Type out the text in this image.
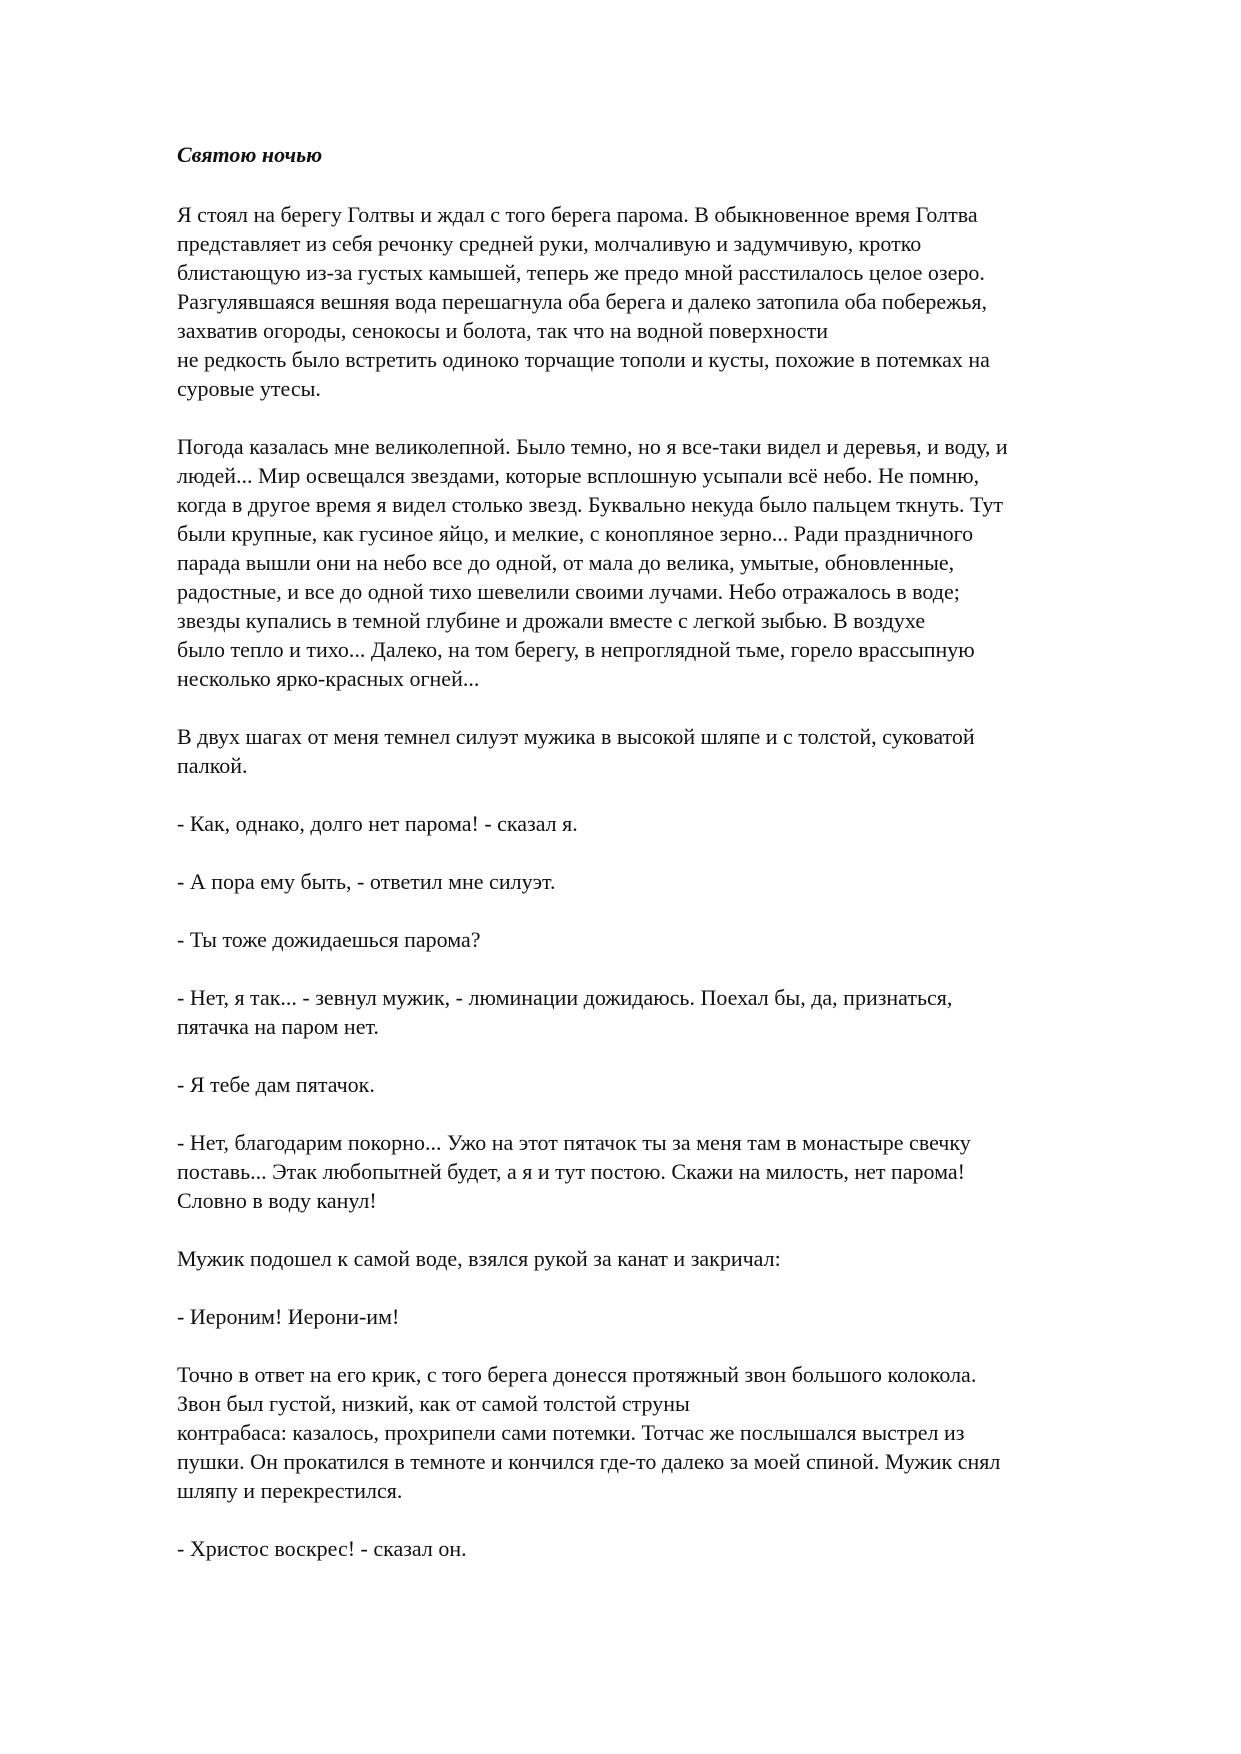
Святою ночью

Я стоял на берегу Голтвы и ждал с того берега парома. В обыкновенное время Голтва
представляет из себя речонку средней руки, молчаливую и задумчивую, кротко
блистающую из-за густых камышей, теперь же предо мной расстилалось целое озеро.
Разгулявшаяся вешняя вода перешагнула оба берега и далеко затопила оба побережья,
захватив огороды, сенокосы и болота, так что на водной поверхности
не редкость было встретить одиноко торчащие тополи и кусты, похожие в потемках на
суровые утесы.

Погода казалась мне великолепной. Было темно, но я все-таки видел и деревья, и воду, и
людей... Мир освещался звездами, которые всплошную усыпали всё небо. Не помню,
когда в другое время я видел столько звезд. Буквально некуда было пальцем ткнуть. Тут
были крупные, как гусиное яйцо, и мелкие, с конопляное зерно... Ради праздничного
парада вышли они на небо все до одной, от мала до велика, умытые, обновленные,
радостные, и все до одной тихо шевелили своими лучами. Небо отражалось в воде;
звезды купались в темной глубине и дрожали вместе с легкой зыбью. В воздухе
было тепло и тихо... Далеко, на том берегу, в непроглядной тьме, горело врассыпную
несколько ярко-красных огней...

В двух шагах от меня темнел силуэт мужика в высокой шляпе и с толстой, суковатой
палкой.

- Как, однако, долго нет парома! - сказал я.

- А пора ему быть, - ответил мне силуэт.

- Ты тоже дожидаешься парома?

- Нет, я так... - зевнул мужик, - люминации дожидаюсь. Поехал бы, да, признаться,
пятачка на паром нет.

- Я тебе дам пятачок.

- Нет, благодарим покорно... Ужо на этот пятачок ты за меня там в монастыре свечку
поставь... Этак любопытней будет, а я и тут постою. Скажи на милость, нет парома!
Словно в воду канул!

Мужик подошел к самой воде, взялся рукой за канат и закричал:

- Иероним! Иерони-им!

Точно в ответ на его крик, с того берега донесся протяжный звон большого колокола.
Звон был густой, низкий, как от самой толстой струны
контрабаса: казалось, прохрипели сами потемки. Тотчас же послышался выстрел из
пушки. Он прокатился в темноте и кончился где-то далеко за моей спиной. Мужик снял
шляпу и перекрестился.

- Христос воскрес! - сказал он.
